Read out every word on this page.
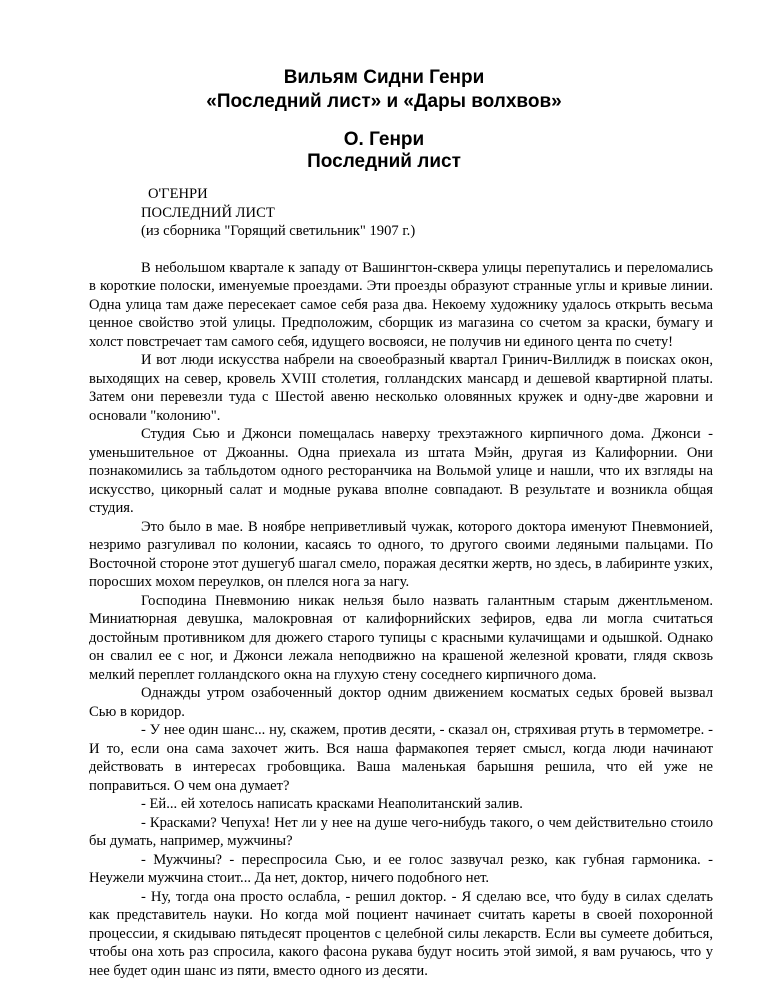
Вильям Сидни Генри
«Последний лист» и «Дары волхвов»
О. Генри
Последний лист

О'ГЕНРИ

ПОСЛЕДНИЙ ЛИСТ

(из сборника "Горящий светильник" 1907 г.)

В небольшом квартале к западу от Вашингтон-сквера улицы перепутались и переломались в короткие полоски, именуемые проездами. Эти проезды образуют странные углы и кривые линии. Одна улица там даже пересекает самое себя раза два. Некоему художнику удалось открыть весьма ценное свойство этой улицы. Предположим, сборщик из магазина со счетом за краски, бумагу и холст повстречает там самого себя, идущего восвояси, не получив ни единого цента по счету!

И вот люди искусства набрели на своеобразный квартал Гринич-Виллидж в поисках окон, выходящих на север, кровель XVIII столетия, голландских мансард и дешевой квартирной платы. Затем они перевезли туда с Шестой авеню несколько оловянных кружек и одну-две жаровни и основали "колонию".

Студия Сью и Джонси помещалась наверху трехэтажного кирпичного дома. Джонси - уменьшительное от Джоанны. Одна приехала из штата Мэйн, другая из Калифорнии. Они познакомились за табльдотом одного ресторанчика на Вольмой улице и нашли, что их взгляды на искусство, цикорный салат и модные рукава вполне совпадают. В результате и возникла общая студия.

Это было в мае. В ноябре неприветливый чужак, которого доктора именуют Пневмонией, незримо разгуливал по колонии, касаясь то одного, то другого своими ледяными пальцами. По Восточной стороне этот душегуб шагал смело, поражая десятки жертв, но здесь, в лабиринте узких, поросших мохом переулков, он плелся нога за нагу.

Господина Пневмонию никак нельзя было назвать галантным старым джентльменом. Миниатюрная девушка, малокровная от калифорнийских зефиров, едва ли могла считаться достойным противником для дюжего старого тупицы с красными кулачищами и одышкой. Однако он свалил ее с ног, и Джонси лежала неподвижно на крашеной железной кровати, глядя сквозь мелкий переплет голландского окна на глухую стену соседнего кирпичного дома.

Однажды утром озабоченный доктор одним движением косматых седых бровей вызвал Сью в коридор.

- У нее один шанс... ну, скажем, против десяти, - сказал он, стряхивая ртуть в термометре. - И то, если она сама захочет жить. Вся наша фармакопея теряет смысл, когда люди начинают действовать в интересах гробовщика. Ваша маленькая барышня решила, что ей уже не поправиться. О чем она думает?

- Ей... ей хотелось написать красками Неаполитанский залив.

- Красками? Чепуха! Нет ли у нее на душе чего-нибудь такого, о чем действительно стоило бы думать, например, мужчины?

- Мужчины? - переспросила Сью, и ее голос зазвучал резко, как губная гармоника. - Неужели мужчина стоит... Да нет, доктор, ничего подобного нет.

- Ну, тогда она просто ослабла, - решил доктор. - Я сделаю все, что буду в силах сделать как представитель науки. Но когда мой поциент начинает считать кареты в своей похоронной процессии, я скидываю пятьдесят процентов с целебной силы лекарств. Если вы сумеете добиться, чтобы она хоть раз спросила, какого фасона рукава будут носить этой зимой, я вам ручаюсь, что у нее будет один шанс из пяти, вместо одного из десяти.
